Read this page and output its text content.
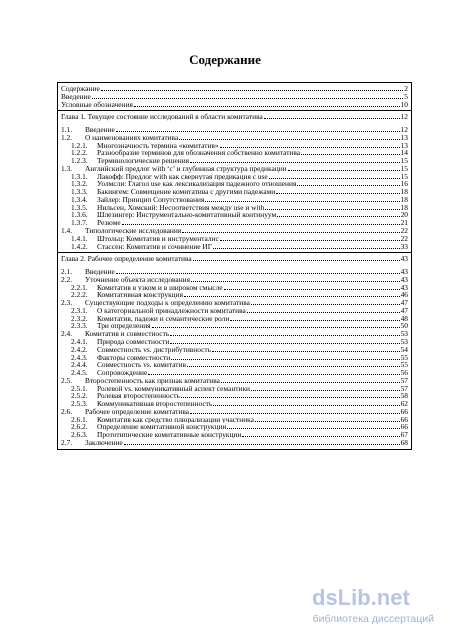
Содержание
Содержание	2
Введение	5
Условные обозначения	10

Глава 1. Текущее состояние исследований в области комитатива	12
1.1.	Введение	12
1.2.	О наименованиях комитатива	13
1.2.1.	Многозначность термина «комитатив»	13
1.2.2.	Разнообразие терминов для обозначения собственно комитатива	14
1.2.3.	Терминологические решения	15
1.3.	Английский предлог with ‘с’ и глубинная структура предикации	15
1.3.1.	Лакофф: Предлог with как свернутая предикация с use	15
1.3.2.	Уолмсли: Глагол use как лексикализация падежного отношения	16
1.3.3.	Бакингем: Совмещение комитатива с другими падежами	18
1.3.4.	Зайлер: Принцип Сопутствования	18
1.3.5.	Нильсен, Хомский: Несоответствия между use и with	18
1.3.6.	Шлезингер: Инструментально-комитативный континуум	20
1.3.7.	Резюме	21
1.4.	Типологические исследования	22
1.4.1.	Штольц: Комитатив и инструменталис	22
1.4.2.	Стассен: Комитатив и сочинение ИГ	33

Глава 2. Рабочее определение комитатива	43
2.1.	Введение	43
2.2.	Уточнение объекта исследования	43
2.2.1.	Комитатив в узком и в широком смысле	43
2.2.2.	Комитативная конструкция	46
2.3.	Существующие подходы к определению комитатива	47
2.3.1.	О категориальной принадлежности комитатива	47
2.3.2.	Комитатив, падежи и семантические роли	48
2.3.3.	Три определения	50
2.4.	Комитатив и совместность	53
2.4.1.	Природа совместности	53
2.4.2.	Совместность vs. дистрибутивность	54
2.4.3.	Факторы совместности	55
2.4.4.	Совместность vs. комитатив	55
2.4.5.	Сопровождение	56
2.5.	Второстепенность как признак комитатива	57
2.5.1.	Ролевой vs. коммуникативный аспект семантики	57
2.5.2.	Ролевая второстепенность	58
2.5.3.	Коммуникативная второстепенность	62
2.6.	Рабочее определение комитатива	66
2.6.1.	Комитатив как средство плюрализации участника	66
2.6.2.	Определение комитативной конструкции	66
2.6.3.	Прототипические комитативные конструкции	67
2.7.	Заключение	68
dsLib.net
библиотека диссертаций
